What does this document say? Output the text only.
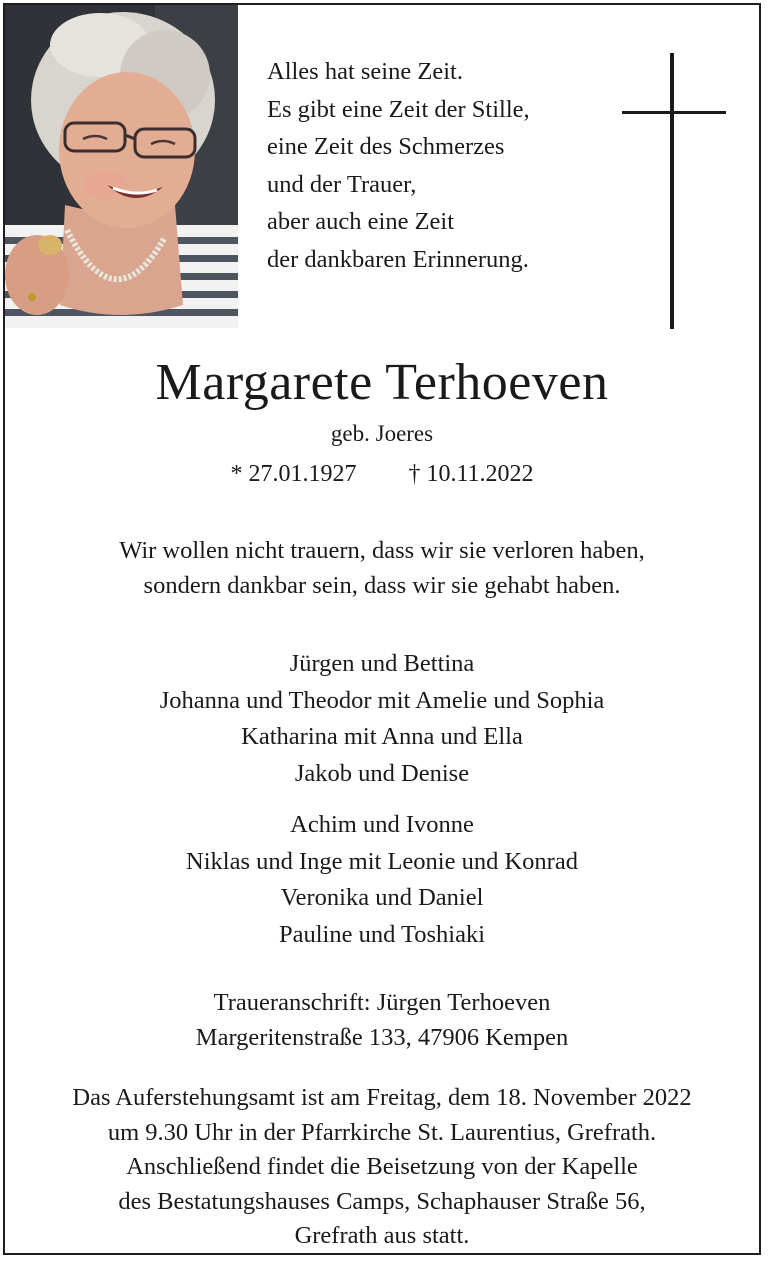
Alles hat seine Zeit.
Es gibt eine Zeit der Stille,
eine Zeit des Schmerzes
und der Trauer,
aber auch eine Zeit
der dankbaren Erinnerung.
Margarete Terhoeven
geb. Joeres
* 27.01.1927 † 10.11.2022
Wir wollen nicht trauern, dass wir sie verloren haben,
sondern dankbar sein, dass wir sie gehabt haben.
Jürgen und Bettina
Johanna und Theodor mit Amelie und Sophia
Katharina mit Anna und Ella
Jakob und Denise
Achim und Ivonne
Niklas und Inge mit Leonie und Konrad
Veronika und Daniel
Pauline und Toshiaki
Traueranschrift: Jürgen Terhoeven
Margeritenstraße 133, 47906 Kempen
Das Auferstehungsamt ist am Freitag, dem 18. November 2022
um 9.30 Uhr in der Pfarrkirche St. Laurentius, Grefrath.
Anschließend findet die Beisetzung von der Kapelle
des Bestatungshauses Camps, Schaphauser Straße 56,
Grefrath aus statt.
